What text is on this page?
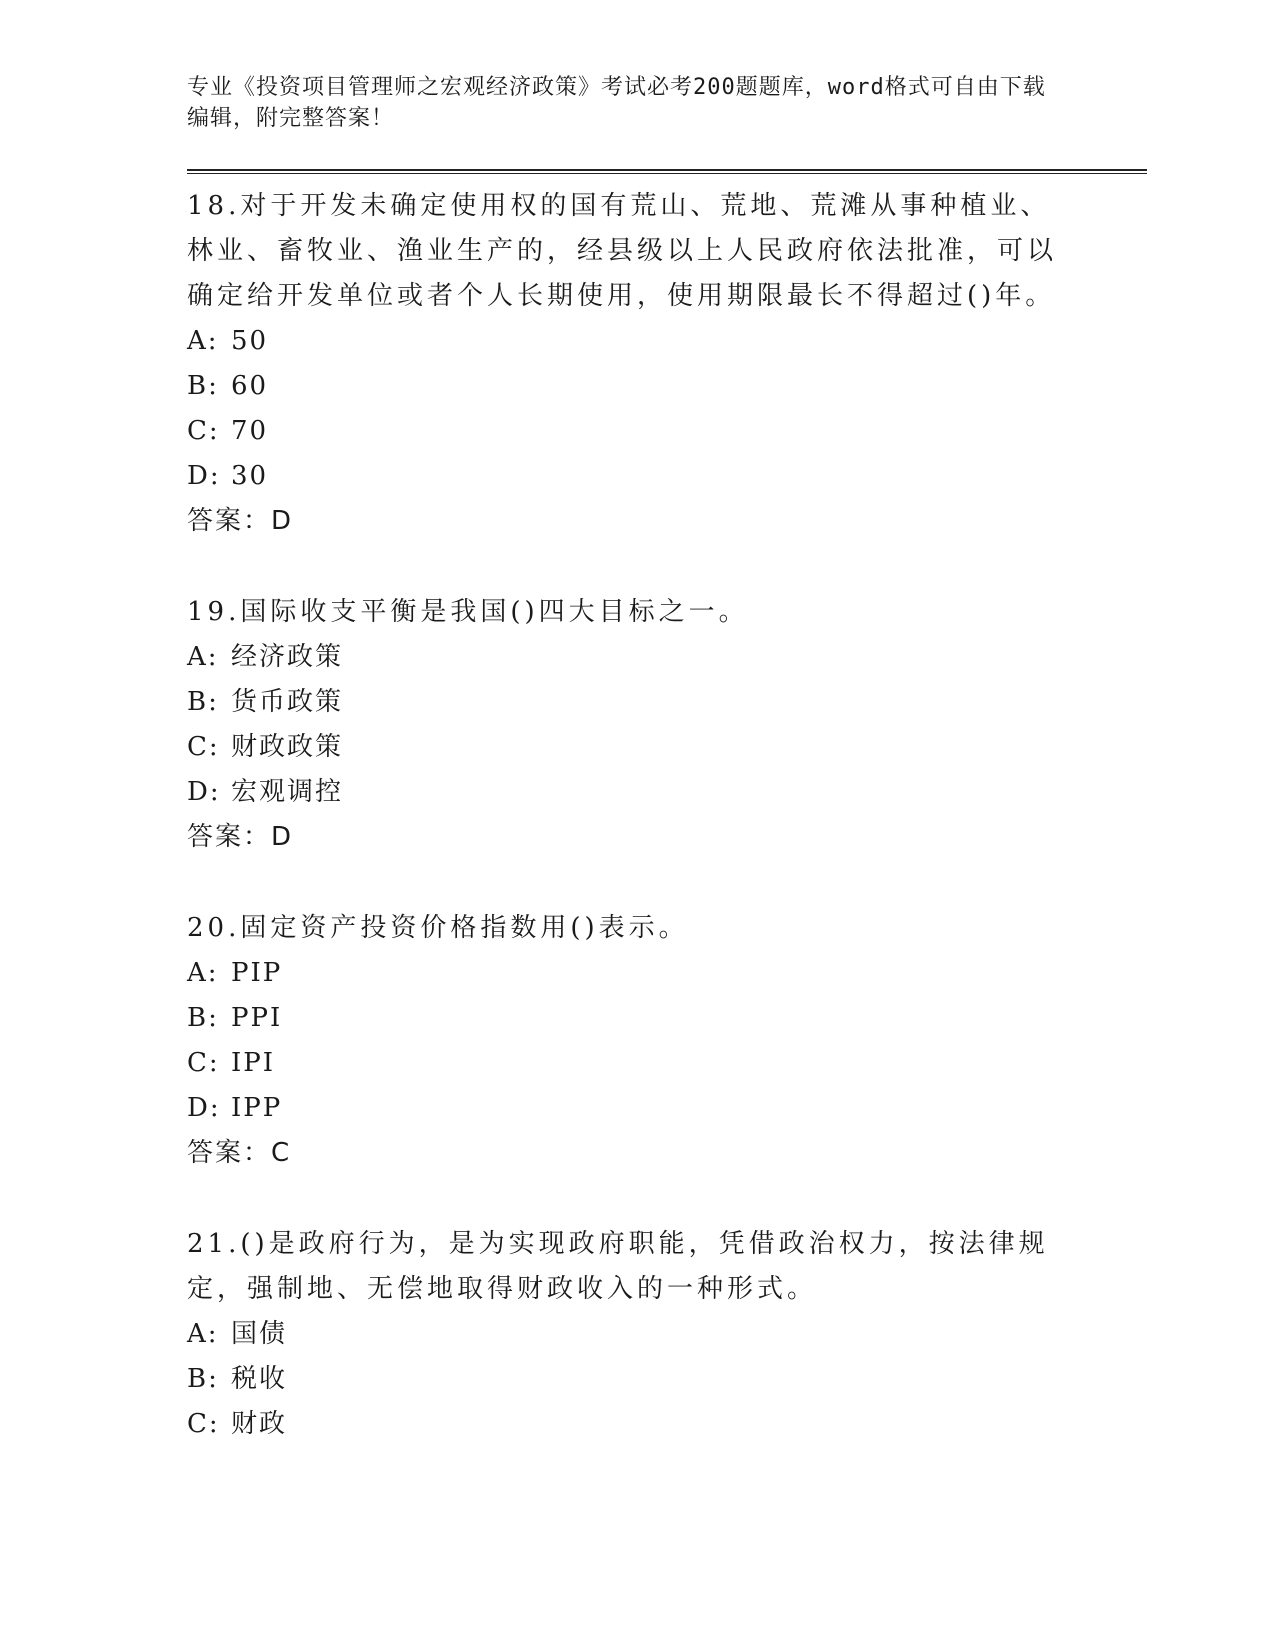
专业《投资项目管理师之宏观经济政策》考试必考200题题库，word格式可自由下载编辑，附完整答案！

18.对于开发未确定使用权的国有荒山、荒地、荒滩从事种植业、林业、畜牧业、渔业生产的，经县级以上人民政府依法批准，可以确定给开发单位或者个人长期使用，使用期限最长不得超过()年。

A: 50

B: 60

C: 70

D: 30

答案：D

19.国际收支平衡是我国()四大目标之一。

A: 经济政策

B: 货币政策

C: 财政政策

D: 宏观调控

答案：D

20.固定资产投资价格指数用()表示。

A: PIP

B: PPI

C: IPI

D: IPP

答案：C

21.()是政府行为，是为实现政府职能，凭借政治权力，按法律规定，强制地、无偿地取得财政收入的一种形式。

A: 国债

B: 税收

C: 财政
